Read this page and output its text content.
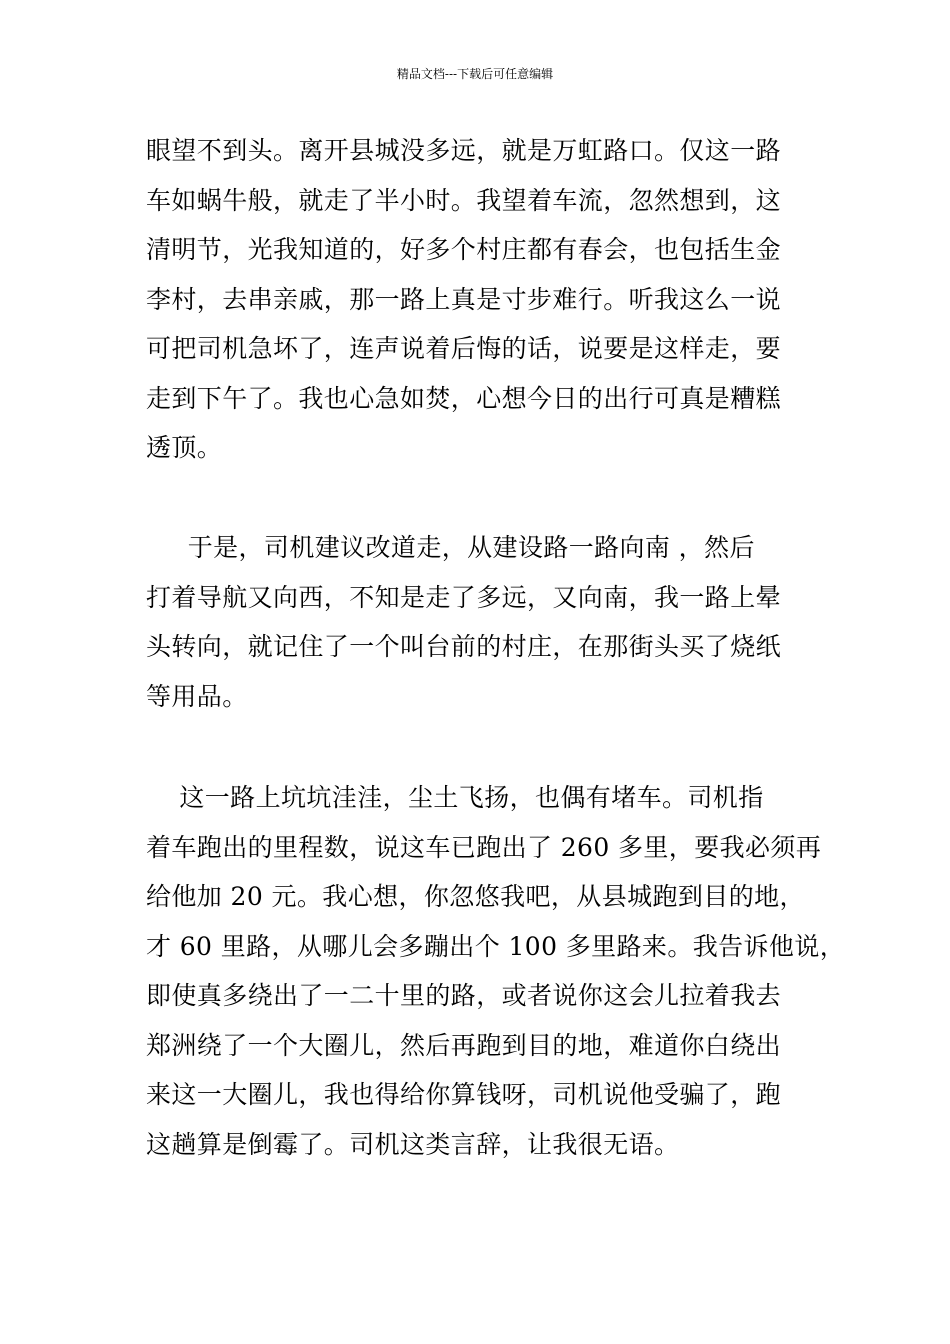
精品文档---下载后可任意编辑
眼望不到头。离开县城没多远，就是万虹路口。仅这一路
车如蜗牛般，就走了半小时。我望着车流，忽然想到，这
清明节，光我知道的，好多个村庄都有春会，也包括生金
李村，去串亲戚，那一路上真是寸步难行。听我这么一说
可把司机急坏了，连声说着后悔的话，说要是这样走，要
走到下午了。我也心急如焚，心想今日的出行可真是糟糕
透顶。
于是，司机建议改道走，从建设路一路向南 ，然后
打着导航又向西，不知是走了多远，又向南，我一路上晕
头转向，就记住了一个叫台前的村庄，在那街头买了烧纸
等用品。
这一路上坑坑洼洼，尘土飞扬，也偶有堵车。司机指
着车跑出的里程数，说这车已跑出了 260 多里，要我必须再
给他加 20 元。我心想，你忽悠我吧，从县城跑到目的地，
才 60 里路，从哪儿会多蹦出个 100 多里路来。我告诉他说，
即使真多绕出了一二十里的路，或者说你这会儿拉着我去
郑洲绕了一个大圈儿，然后再跑到目的地，难道你白绕出
来这一大圈儿，我也得给你算钱呀，司机说他受骗了，跑
这趟算是倒霉了。司机这类言辞，让我很无语。
